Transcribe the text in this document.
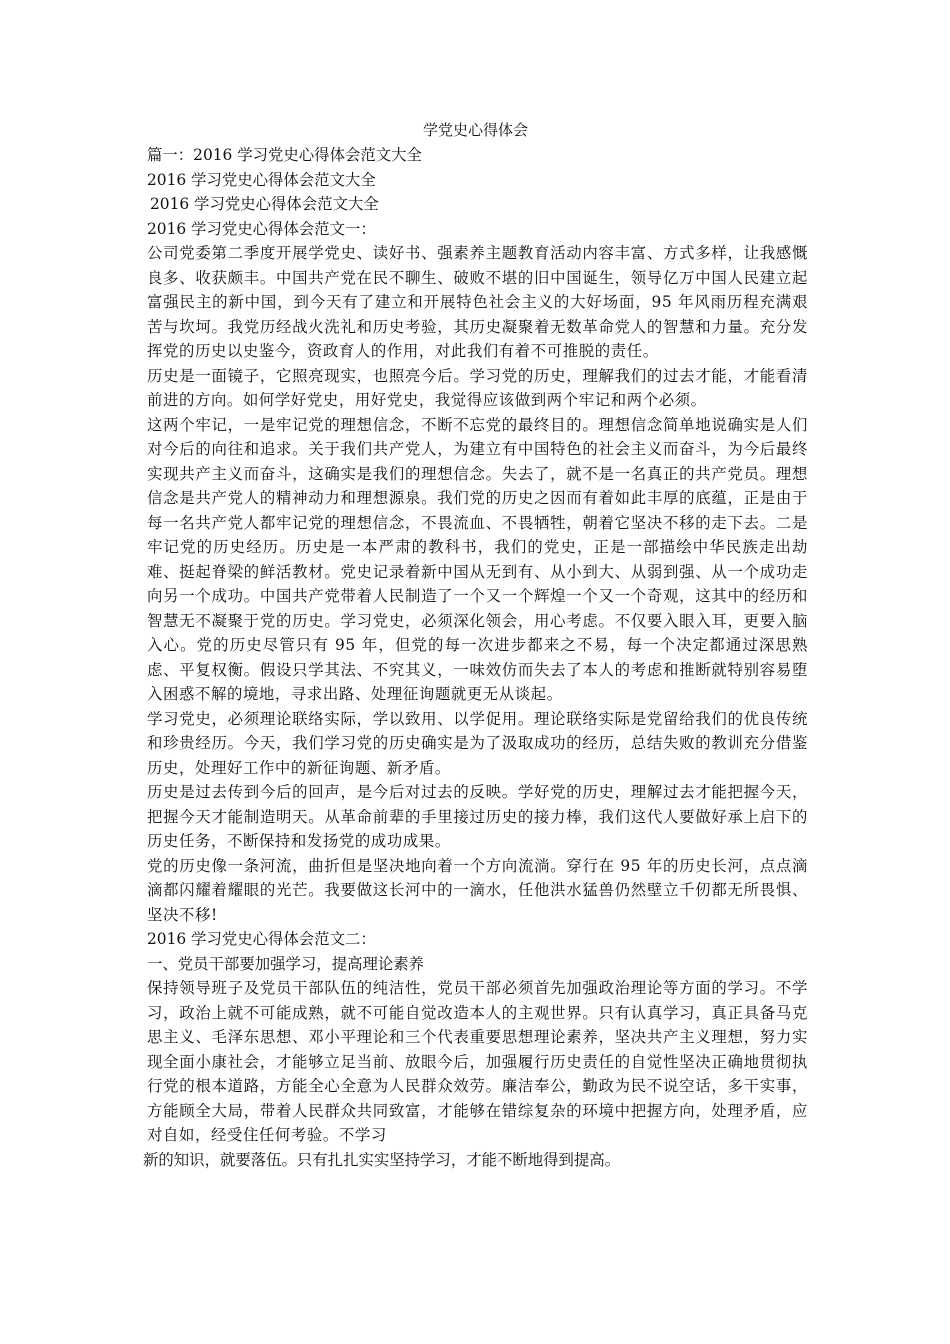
学党史心得体会
篇一：2016 学习党史心得体会范文大全
2016 学习党史心得体会范文大全
2016 学习党史心得体会范文大全
2016 学习党史心得体会范文一：

公司党委第二季度开展学党史、读好书、强素养主题教育活动内容丰富、方式多样，让我感慨良多、收获颇丰。中国共产党在民不聊生、破败不堪的旧中国诞生，领导亿万中国人民建立起富强民主的新中国，到今天有了建立和开展特色社会主义的大好场面，95 年风雨历程充满艰苦与坎坷。我党历经战火洗礼和历史考验，其历史凝聚着无数革命党人的智慧和力量。充分发挥党的历史以史鉴今，资政育人的作用，对此我们有着不可推脱的责任。

历史是一面镜子，它照亮现实，也照亮今后。学习党的历史，理解我们的过去才能，才能看清前进的方向。如何学好党史，用好党史，我觉得应该做到两个牢记和两个必须。

这两个牢记，一是牢记党的理想信念，不断不忘党的最终目的。理想信念简单地说确实是人们对今后的向往和追求。关于我们共产党人，为建立有中国特色的社会主义而奋斗，为今后最终实现共产主义而奋斗，这确实是我们的理想信念。失去了，就不是一名真正的共产党员。理想信念是共产党人的精神动力和理想源泉。我们党的历史之因而有着如此丰厚的底蕴，正是由于每一名共产党人都牢记党的理想信念，不畏流血、不畏牺牲，朝着它坚决不移的走下去。二是牢记党的历史经历。历史是一本严肃的教科书，我们的党史，正是一部描绘中华民族走出劫难、挺起脊梁的鲜活教材。党史记录着新中国从无到有、从小到大、从弱到强、从一个成功走向另一个成功。中国共产党带着人民制造了一个又一个辉煌一个又一个奇观，这其中的经历和智慧无不凝聚于党的历史。学习党史，必须深化领会，用心考虑。不仅要入眼入耳，更要入脑入心。党的历史尽管只有 95 年，但党的每一次进步都来之不易，每一个决定都通过深思熟虑、平复权衡。假设只学其法、不究其义，一味效仿而失去了本人的考虑和推断就特别容易堕入困惑不解的境地，寻求出路、处理征询题就更无从谈起。

学习党史，必须理论联络实际，学以致用、以学促用。理论联络实际是党留给我们的优良传统和珍贵经历。今天，我们学习党的历史确实是为了汲取成功的经历，总结失败的教训充分借鉴历史，处理好工作中的新征询题、新矛盾。

历史是过去传到今后的回声，是今后对过去的反映。学好党的历史，理解过去才能把握今天，把握今天才能制造明天。从革命前辈的手里接过历史的接力棒，我们这代人要做好承上启下的历史任务，不断保持和发扬党的成功成果。

党的历史像一条河流，曲折但是坚决地向着一个方向流淌。穿行在 95 年的历史长河，点点滴滴都闪耀着耀眼的光芒。我要做这长河中的一滴水，任他洪水猛兽仍然壁立千仞都无所畏惧、坚决不移!

2016 学习党史心得体会范文二：
一、党员干部要加强学习，提高理论素养

保持领导班子及党员干部队伍的纯洁性，党员干部必须首先加强政治理论等方面的学习。不学习，政治上就不可能成熟，就不可能自觉改造本人的主观世界。只有认真学习，真正具备马克思主义、毛泽东思想、邓小平理论和三个代表重要思想理论素养，坚决共产主义理想，努力实现全面小康社会，才能够立足当前、放眼今后，加强履行历史责任的自觉性坚决正确地贯彻执行党的根本道路，方能全心全意为人民群众效劳。廉洁奉公，勤政为民不说空话，多干实事，方能顾全大局，带着人民群众共同致富，才能够在错综复杂的环境中把握方向，处理矛盾，应对自如，经受住任何考验。不学习

新的知识，就要落伍。只有扎扎实实坚持学习，才能不断地得到提高。
